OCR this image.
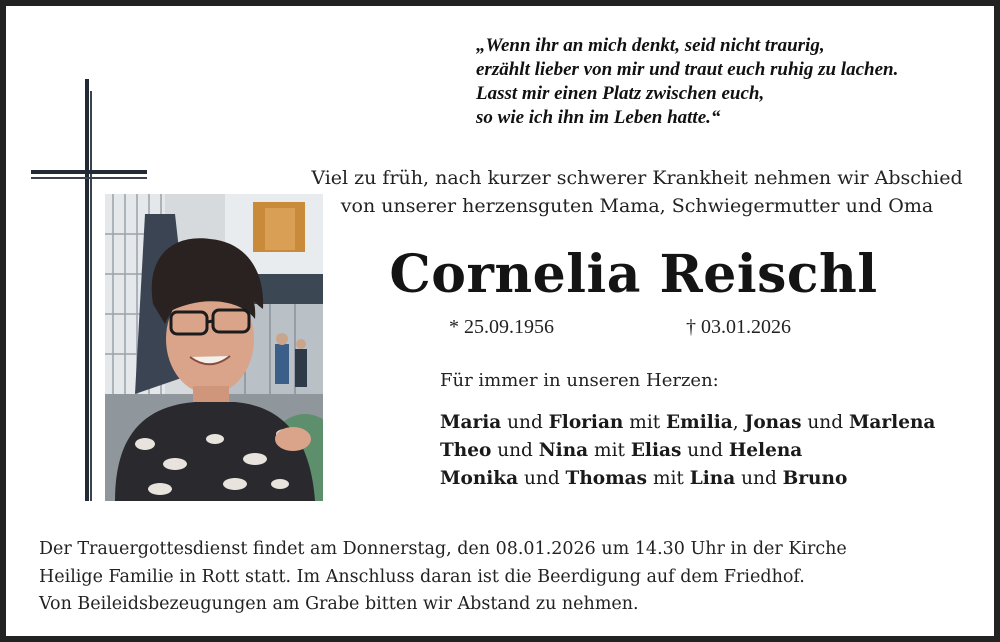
„Wenn ihr an mich denkt, seid nicht traurig,
erzählt lieber von mir und traut euch ruhig zu lachen.
Lasst mir einen Platz zwischen euch,
so wie ich ihn im Leben hatte.“
Viel zu früh, nach kurzer schwerer Krankheit nehmen wir Abschied
von unserer herzensguten Mama, Schwiegermutter und Oma
Cornelia Reischl
* 25.09.1956	† 03.01.2026
Für immer in unseren Herzen:
Maria und Florian mit Emilia, Jonas und Marlena
Theo und Nina mit Elias und Helena
Monika und Thomas mit Lina und Bruno
Der Trauergottesdienst findet am Donnerstag, den 08.01.2026 um 14.30 Uhr in der Kirche
Heilige Familie in Rott statt. Im Anschluss daran ist die Beerdigung auf dem Friedhof.
Von Beileidsbezeugungen am Grabe bitten wir Abstand zu nehmen.
